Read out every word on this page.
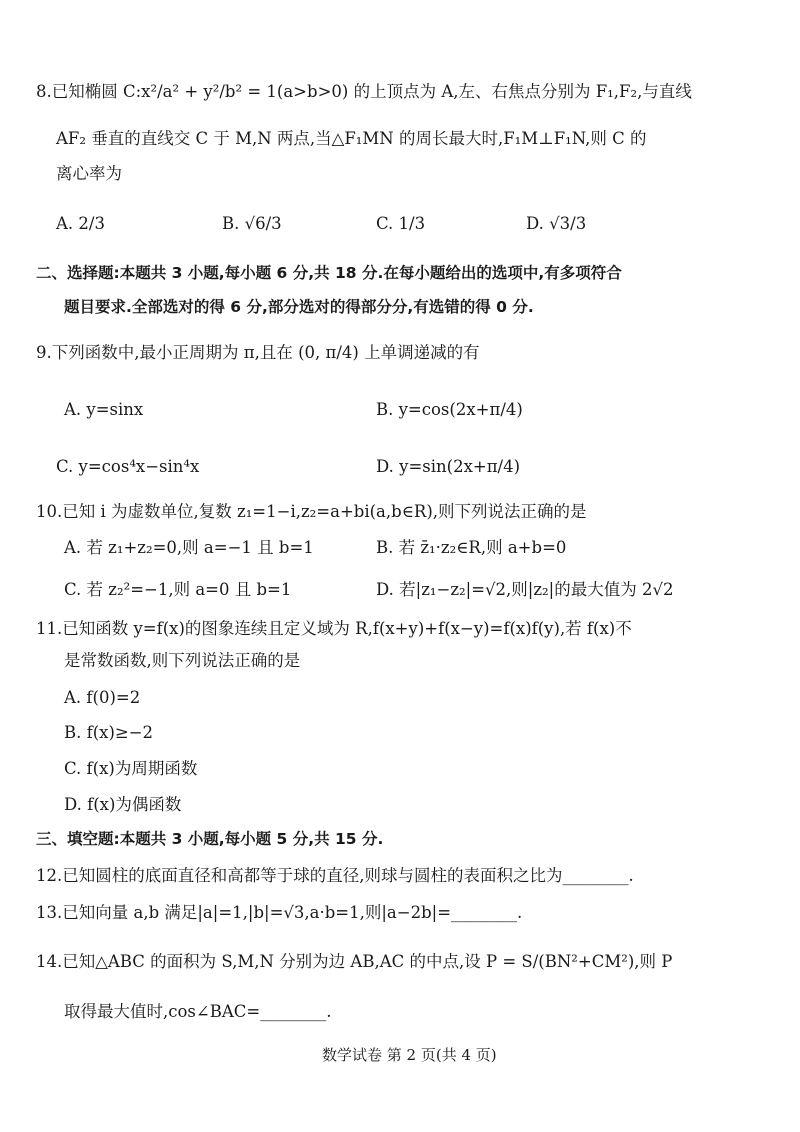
8.已知椭圆 C:x²/a² + y²/b² = 1(a>b>0) 的上顶点为 A,左、右焦点分别为 F₁,F₂,与直线
AF₂ 垂直的直线交 C 于 M,N 两点,当△F₁MN 的周长最大时,F₁M⊥F₁N,则 C 的
离心率为
A. 2/3	B. √6/3	C. 1/3	D. √3/3
二、选择题:本题共 3 小题,每小题 6 分,共 18 分.在每小题给出的选项中,有多项符合
题目要求.全部选对的得 6 分,部分选对的得部分分,有选错的得 0 分.
9.下列函数中,最小正周期为 π,且在 (0, π/4) 上单调递减的有
A. y=sinx	B. y=cos(2x+π/4)
C. y=cos⁴x−sin⁴x	D. y=sin(2x+π/4)
10.已知 i 为虚数单位,复数 z₁=1−i,z₂=a+bi(a,b∈R),则下列说法正确的是
A. 若 z₁+z₂=0,则 a=−1 且 b=1	B. 若 z̄₁·z₂∈R,则 a+b=0
C. 若 z₂²=−1,则 a=0 且 b=1	D. 若|z₁−z₂|=√2,则|z₂|的最大值为 2√2
11.已知函数 y=f(x)的图象连续且定义域为 R,f(x+y)+f(x−y)=f(x)f(y),若 f(x)不
是常数函数,则下列说法正确的是
A. f(0)=2
B. f(x)≥−2
C. f(x)为周期函数
D. f(x)为偶函数
三、填空题:本题共 3 小题,每小题 5 分,共 15 分.
12.已知圆柱的底面直径和高都等于球的直径,则球与圆柱的表面积之比为________.
13.已知向量 a,b 满足|a|=1,|b|=√3,a·b=1,则|a−2b|=________.
14.已知△ABC 的面积为 S,M,N 分别为边 AB,AC 的中点,设 P = S/(BN²+CM²),则 P
取得最大值时,cos∠BAC=________.
数学试卷 第 2 页(共 4 页)
